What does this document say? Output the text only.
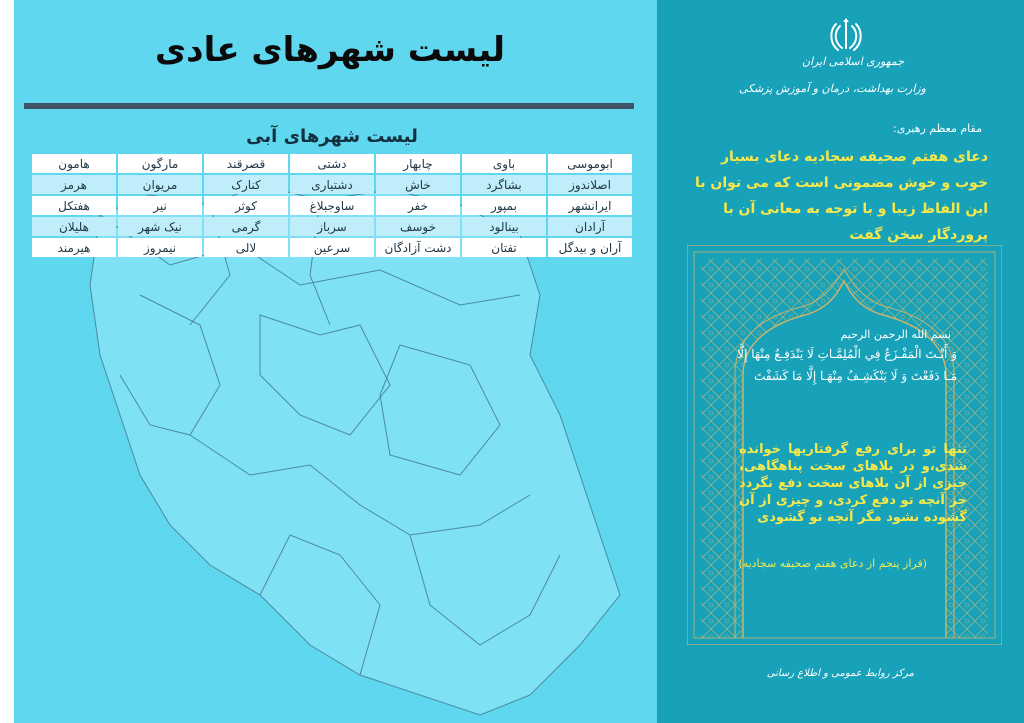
لیست شهرهای عادی
لیست شهرهای آبی
ابوموسی	باوی	چابهار	دشتی	قصرقند	مارگون	هامون
اصلاندوز	بشاگرد	خاش	دشتیاری	کنارک	مریوان	هرمز
ایرانشهر	بمپور	خفر	ساوجبلاغ	کوثر	نیر	هفتکل
آرادان	بینالود	خوسف	سرباز	گرمی	نیک شهر	هلیلان
آران و بیدگل	تفتان	دشت آزادگان	سرعین	لالی	نیمروز	هیرمند
جمهوری اسلامی ایران
وزارت بهداشت، درمان و آموزش پزشکی
مقام معظم رهبری:
دعای هفتم صحیفه سجادیه دعای بسیار خوب و خوش مضمونی است که می توان با این الفاظ زیبا و با توجه به معانی آن با پروردگار سخن گفت
بسم الله الرحمن الرحيم
وَ أَنْـتَ الْمَفْـزَعُ فِي الْمُلِمَّـاتِ لَا يَنْدَفِـعُ مِنْهَا إِلَّا مَـا دَفَعْتَ وَ لَا يَنْكَشِـفُ مِنْهَـا إِلَّا مَا كَشَفْتَ
تنها تو برای رفع گرفتاریها خوانده شدی،و در بلاهای سخت پناهگاهی، چیزی از آن بلاهای سخت دفع نگردد جز آنچه تو دفع کردی، و چیزی از آن گشوده نشود مگر آنچه تو گشودی
(فراز پنجم از دعای هفتم صحیفه سجادیه)
مرکز روابط عمومی و اطلاع رسانی
